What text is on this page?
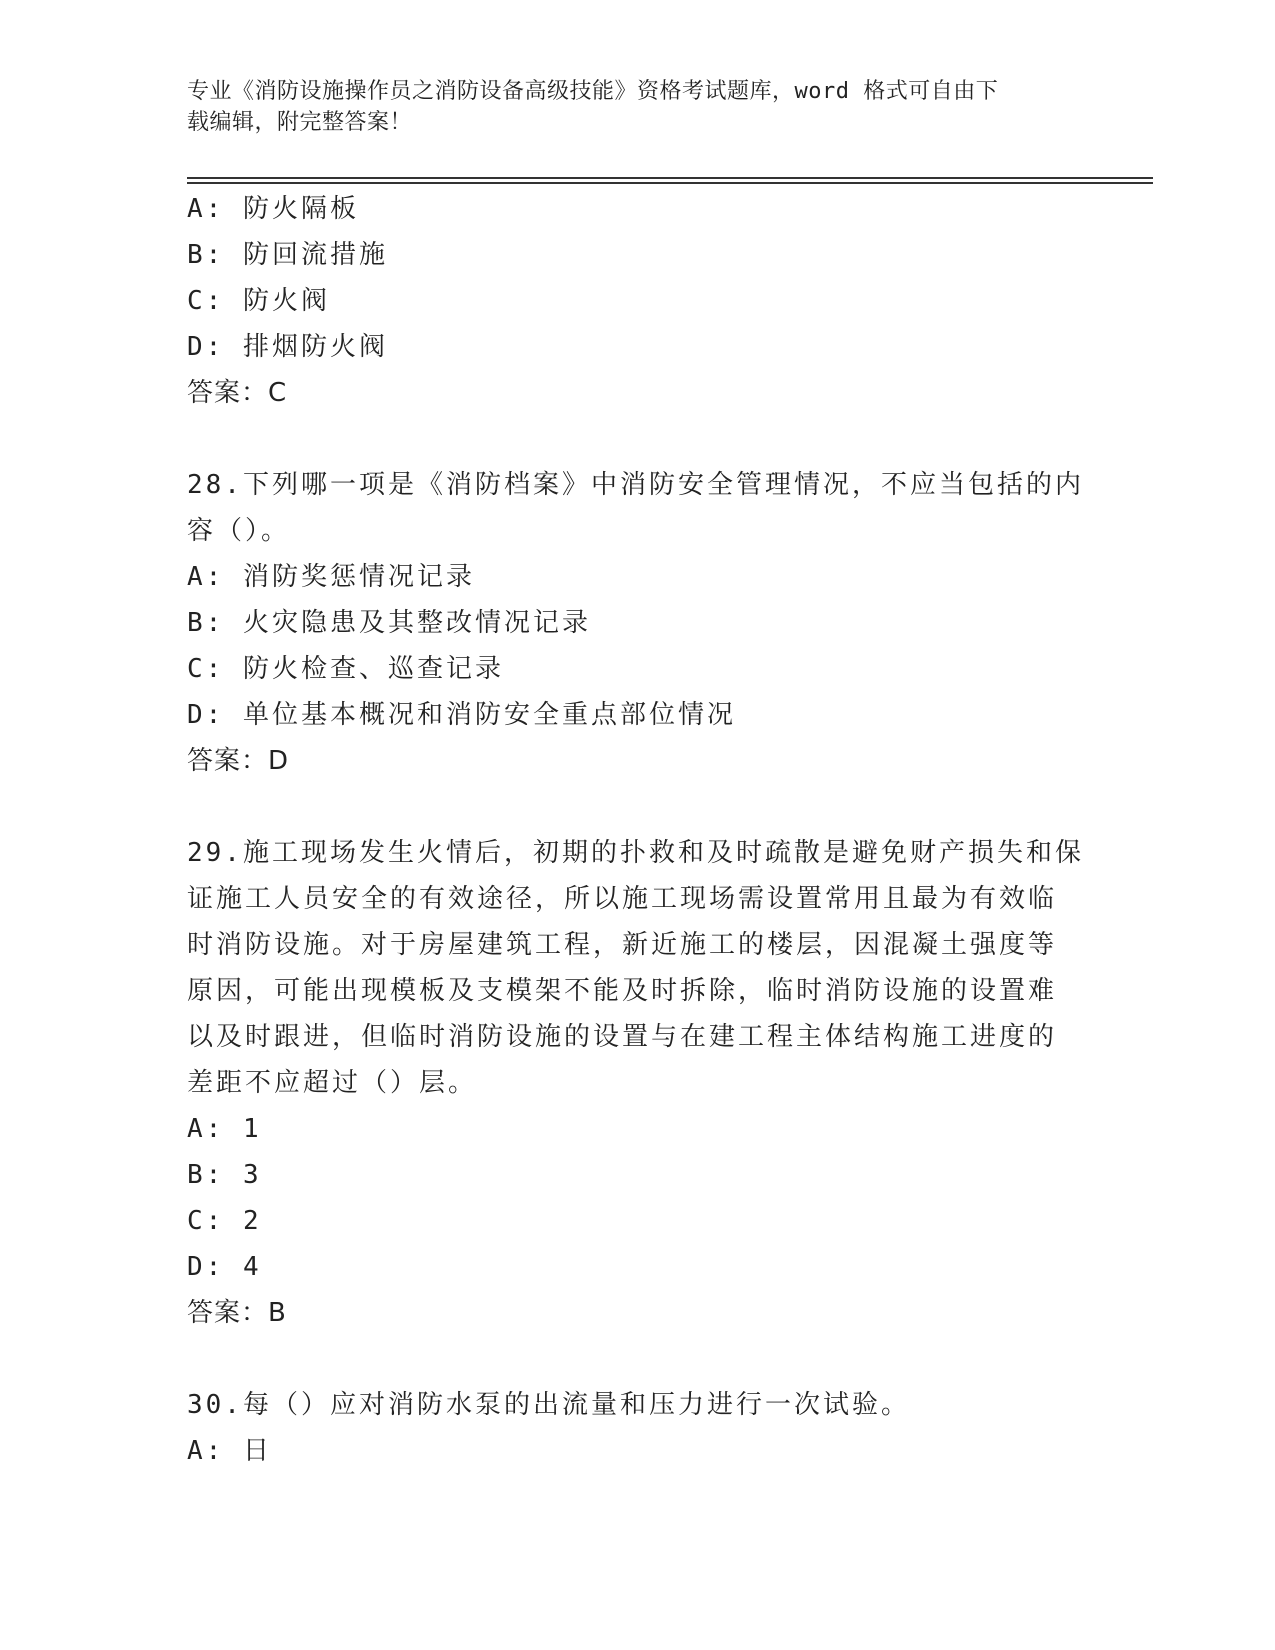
专业《消防设施操作员之消防设备高级技能》资格考试题库，word 格式可自由下
载编辑，附完整答案！
A: 防火隔板
B: 防回流措施
C: 防火阀
D: 排烟防火阀
答案：C
28.下列哪一项是《消防档案》中消防安全管理情况，不应当包括的内
容（）。
A: 消防奖惩情况记录
B: 火灾隐患及其整改情况记录
C: 防火检查、巡查记录
D: 单位基本概况和消防安全重点部位情况
答案：D
29.施工现场发生火情后，初期的扑救和及时疏散是避免财产损失和保
证施工人员安全的有效途径，所以施工现场需设置常用且最为有效临
时消防设施。对于房屋建筑工程，新近施工的楼层，因混凝土强度等
原因，可能出现模板及支模架不能及时拆除，临时消防设施的设置难
以及时跟进，但临时消防设施的设置与在建工程主体结构施工进度的
差距不应超过（）层。
A: 1
B: 3
C: 2
D: 4
答案：B
30.每（）应对消防水泵的出流量和压力进行一次试验。
A: 日
